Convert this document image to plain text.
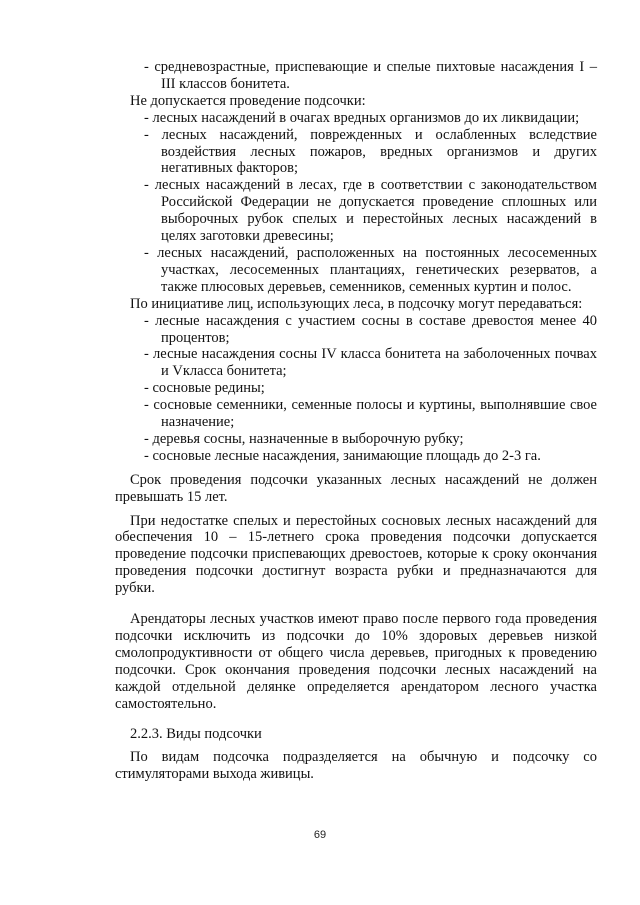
- средневозрастные, приспевающие и спелые пихтовые насаждения I – III классов бонитета.

Не допускается проведение подсочки:

- лесных насаждений в очагах вредных организмов до их ликвидации;

- лесных насаждений, поврежденных и ослабленных вследствие воздействия лесных пожаров, вредных организмов и других негативных факторов;

- лесных насаждений в лесах, где в соответствии с законодательством Российской Федерации не допускается проведение сплошных или выборочных рубок спелых и перестойных лесных насаждений в целях заготовки древесины;

- лесных насаждений, расположенных на постоянных лесосеменных участках, лесосеменных плантациях, генетических резерватов, а также плюсовых деревьев, семенников, семенных куртин и полос.

По инициативе лиц, использующих леса, в подсочку могут передаваться:

- лесные насаждения с участием сосны в составе древостоя менее 40 процентов;

- лесные насаждения сосны IV класса бонитета на заболоченных почвах и Vкласса бонитета;

- сосновые редины;

- сосновые семенники, семенные полосы и куртины, выполнявшие свое назначение;

- деревья сосны, назначенные в выборочную рубку;

- сосновые лесные насаждения, занимающие площадь до 2-3 га.

Срок проведения подсочки указанных лесных насаждений не должен превышать 15 лет.

При недостатке спелых и перестойных сосновых лесных насаждений для обеспечения 10 – 15-летнего срока проведения подсочки допускается проведение подсочки приспевающих древостоев, которые к сроку окончания проведения подсочки достигнут возраста рубки и предназначаются для рубки.

Арендаторы лесных участков имеют право после первого года проведения подсочки исключить из подсочки до 10% здоровых деревьев низкой смолопродуктивности от общего числа деревьев, пригодных к проведению подсочки. Срок окончания проведения подсочки лесных насаждений на каждой отдельной делянке определяется арендатором лесного участка самостоятельно.

2.2.3. Виды подсочки

По видам подсочка подразделяется на обычную и подсочку со стимуляторами выхода живицы.

69
